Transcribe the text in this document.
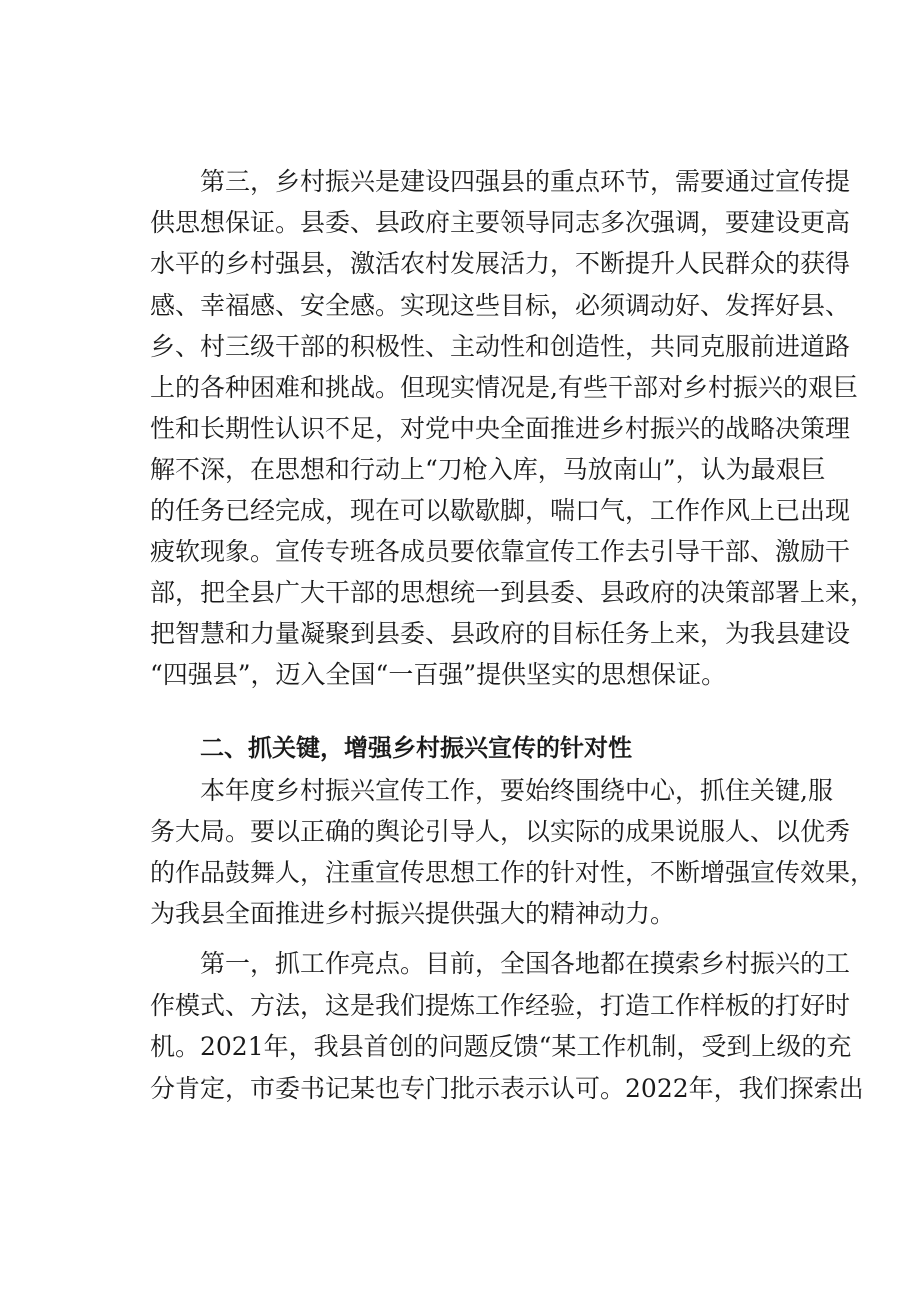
第三，乡村振兴是建设四强县的重点环节，需要通过宣传提
供思想保证。县委、县政府主要领导同志多次强调，要建设更高
水平的乡村强县，激活农村发展活力，不断提升人民群众的获得
感、幸福感、安全感。实现这些目标，必须调动好、发挥好县、
乡、村三级干部的积极性、主动性和创造性，共同克服前进道路
上的各种困难和挑战。但现实情况是,有些干部对乡村振兴的艰巨
性和长期性认识不足，对党中央全面推进乡村振兴的战略决策理
解不深，在思想和行动上“刀枪入库，马放南山”，认为最艰巨
的任务已经完成，现在可以歇歇脚，喘口气，工作作风上已出现
疲软现象。宣传专班各成员要依靠宣传工作去引导干部、激励干
部，把全县广大干部的思想统一到县委、县政府的决策部署上来，
把智慧和力量凝聚到县委、县政府的目标任务上来，为我县建设
“四强县”，迈入全国“一百强”提供坚实的思想保证。
二、抓关键，增强乡村振兴宣传的针对性
本年度乡村振兴宣传工作，要始终围绕中心，抓住关键,服
务大局。要以正确的舆论引导人，以实际的成果说服人、以优秀
的作品鼓舞人，注重宣传思想工作的针对性，不断增强宣传效果，
为我县全面推进乡村振兴提供强大的精神动力。
第一，抓工作亮点。目前，全国各地都在摸索乡村振兴的工
作模式、方法，这是我们提炼工作经验，打造工作样板的打好时
机。2021年，我县首创的问题反馈“某工作机制，受到上级的充
分肯定，市委书记某也专门批示表示认可。2022年，我们探索出
